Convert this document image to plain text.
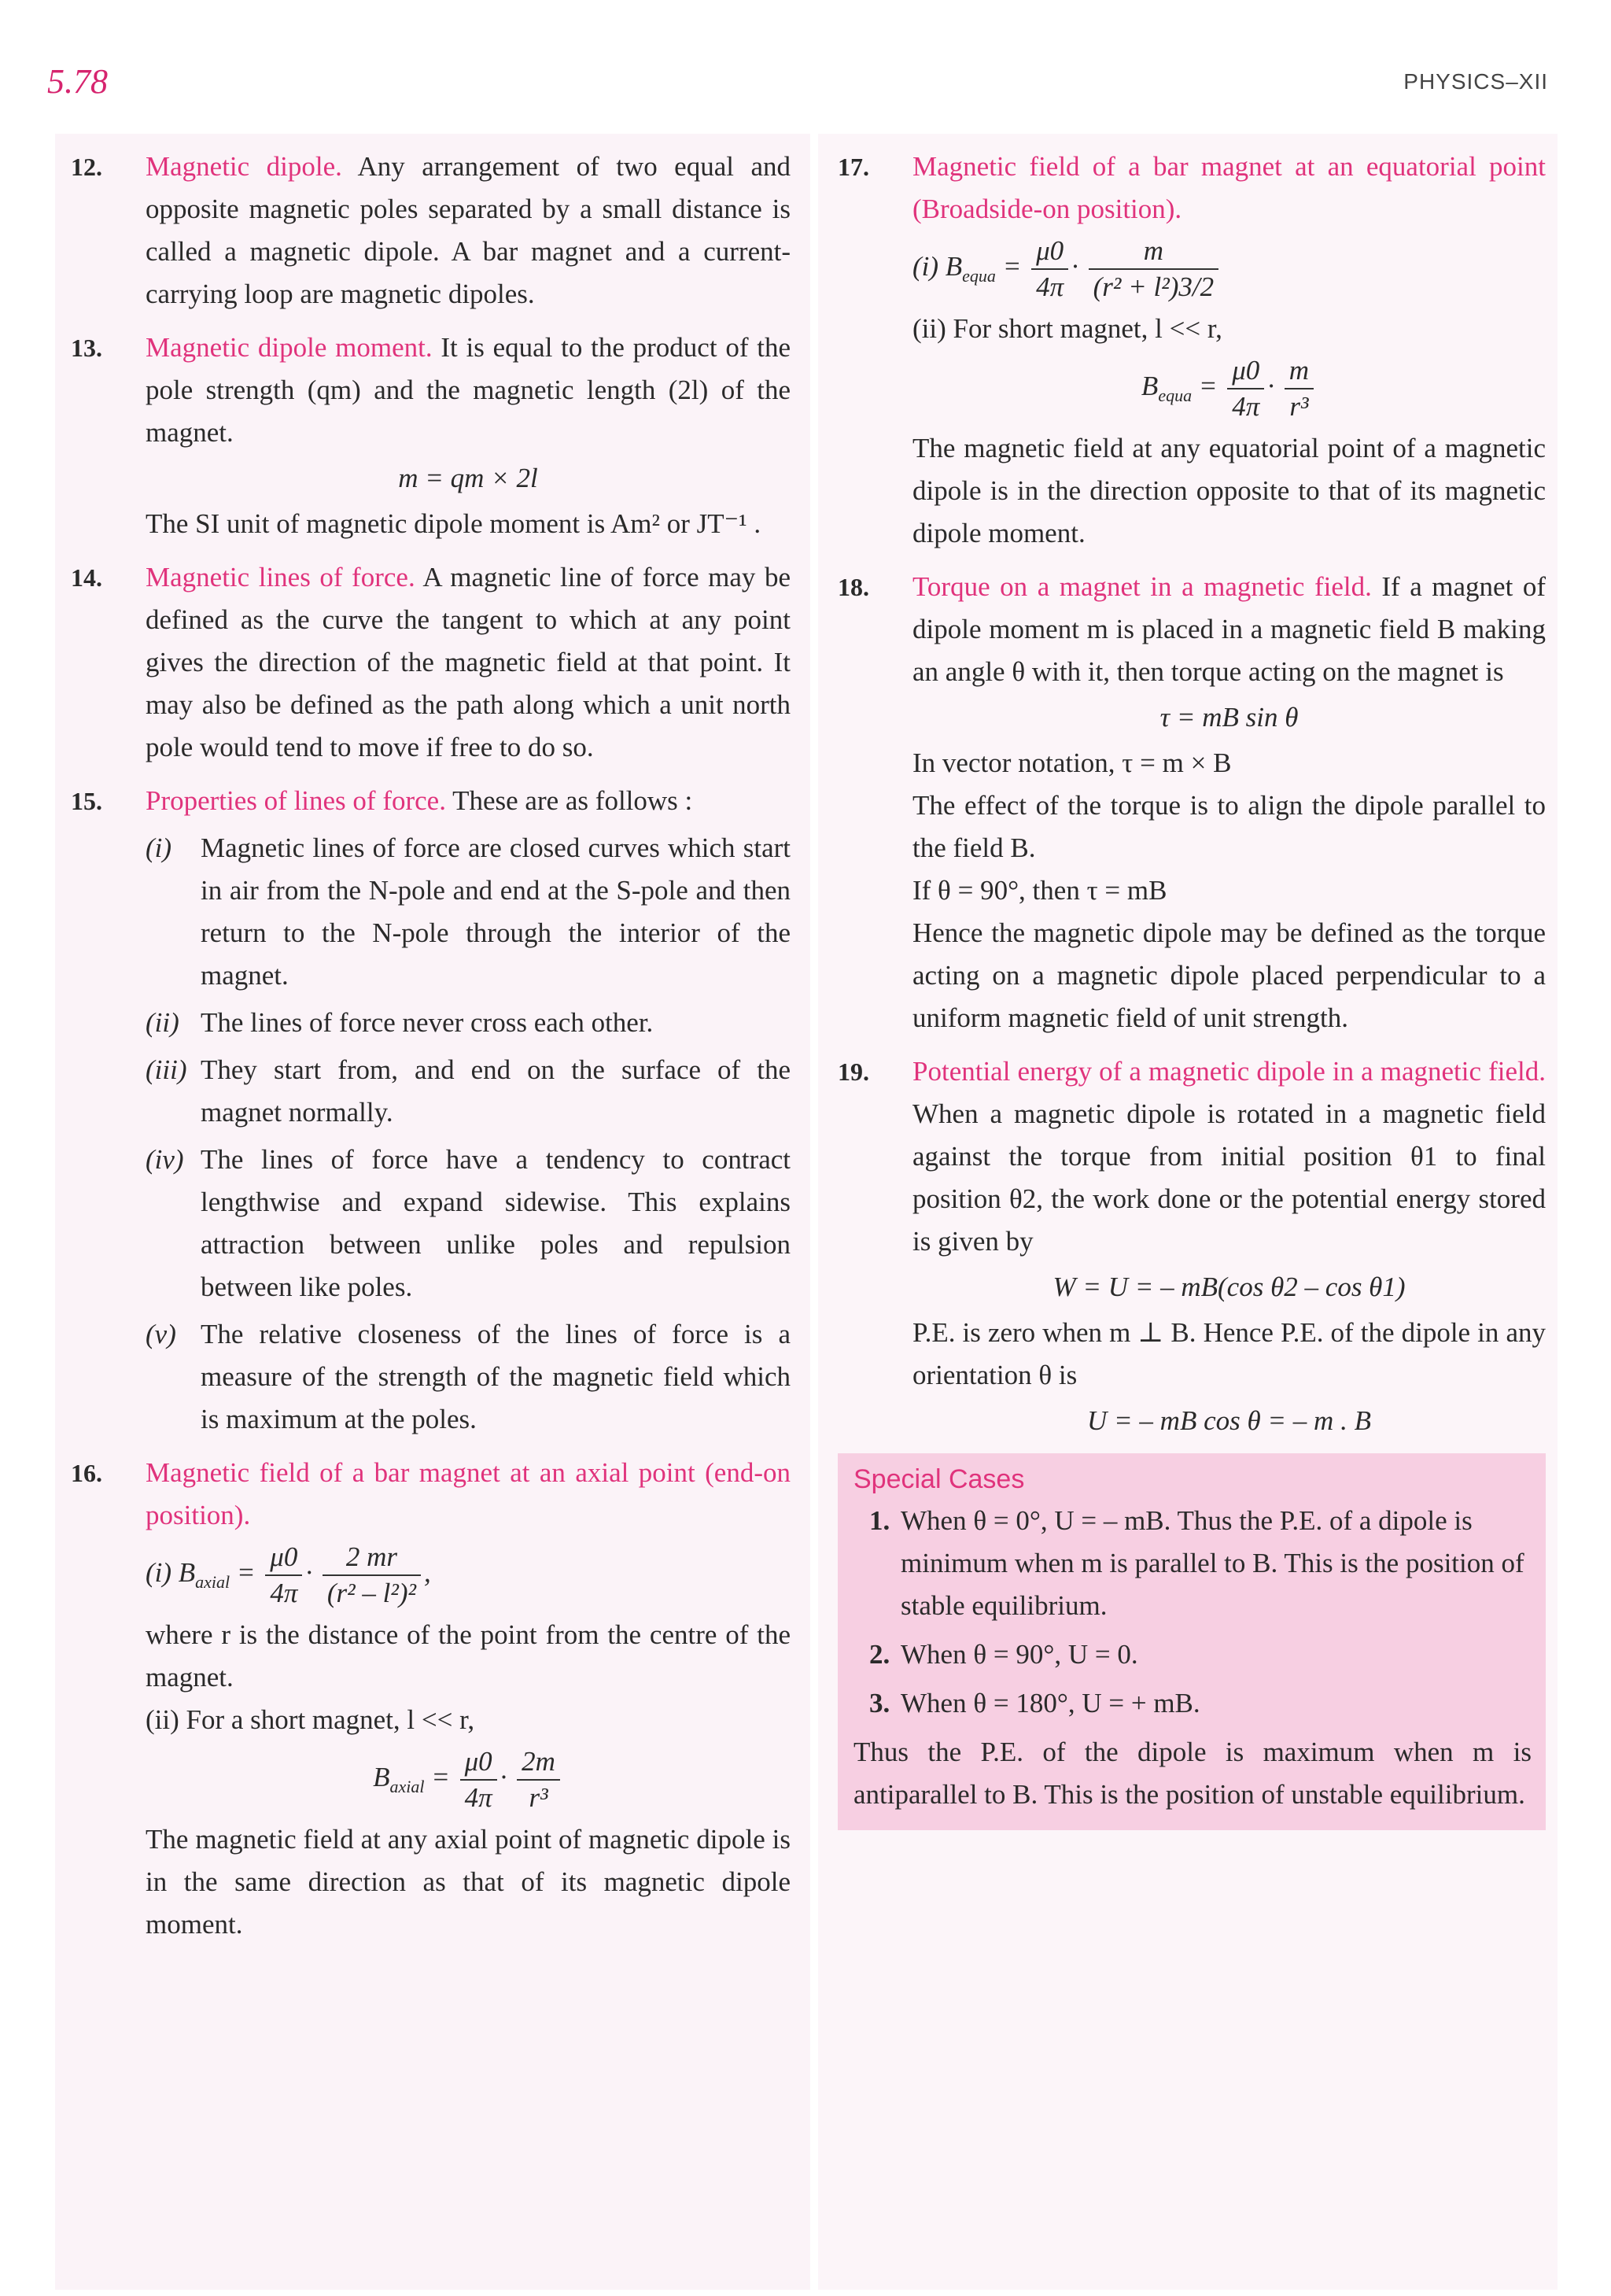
5.78	PHYSICS–XII
12. Magnetic dipole. Any arrangement of two equal and opposite magnetic poles separated by a small distance is called a magnetic dipole. A bar magnet and a current-carrying loop are magnetic dipoles.
13. Magnetic dipole moment. It is equal to the product of the pole strength (qm) and the magnetic length (2l) of the magnet.
m = qm × 2l

The SI unit of magnetic dipole moment is Am² or JT⁻¹ .

14. Magnetic lines of force. A magnetic line of force may be defined as the curve the tangent to which at any point gives the direction of the magnetic field at that point. It may also be defined as the path along which a unit north pole would tend to move if free to do so.
15. Properties of lines of force. These are as follows :
(i) Magnetic lines of force are closed curves which start in air from the N-pole and end at the S-pole and then return to the N-pole through the interior of the magnet.
(ii) The lines of force never cross each other.
(iii) They start from, and end on the surface of the magnet normally.
(iv) The lines of force have a tendency to contract lengthwise and expand sidewise. This explains attraction between unlike poles and repulsion between like poles.
(v) The relative closeness of the lines of force is a measure of the strength of the magnetic field which is maximum at the poles.
16. Magnetic field of a bar magnet at an axial point (end-on position).
(i) $B_{axial} = \frac{\mu 0}{4\pi} \cdot \frac{2 mr}{\text{(r² – l²)²}}$ ,

where r is the distance of the point from the centre of the magnet.

(ii) For a short magnet, l << r,

$B_{axial} = \frac{\mu 0}{4\pi} \cdot \frac{2m}{\text{r³}}$

The magnetic field at any axial point of magnetic dipole is in the same direction as that of its magnetic dipole moment.

17. Magnetic field of a bar magnet at an equatorial point (Broadside-on position).
(i) $B_{equa} = \frac{\mu 0}{4\pi} \cdot \frac{m}{\text{(r² + l²)3/2}}$

(ii) For short magnet, l << r,

$B_{equa} = \frac{\mu 0}{4\pi} \cdot \frac{m}{\text{r³}}$

The magnetic field at any equatorial point of a magnetic dipole is in the direction opposite to that of its magnetic dipole moment.

18. Torque on a magnet in a magnetic field. If a magnet of dipole moment m is placed in a magnetic field B making an angle θ with it, then torque acting on the magnet is
τ = mB sin θ

In vector notation, τ = m × B

The effect of the torque is to align the dipole parallel to the field B.

If θ = 90°, then τ = mB

Hence the magnetic dipole may be defined as the torque acting on a magnetic dipole placed perpendicular to a uniform magnetic field of unit strength.

19. Potential energy of a magnetic dipole in a magnetic field. When a magnetic dipole is rotated in a magnetic field against the torque from initial position θ1 to final position θ2, the work done or the potential energy stored is given by
W = U = – mB(cos θ2 – cos θ1)

P.E. is zero when m ⊥ B. Hence P.E. of the dipole in any orientation θ is

U = – mB cos θ = – m . B
Special Cases
1. When θ = 0°, U = – mB. Thus the P.E. of a dipole is minimum when m is parallel to B. This is the position of stable equilibrium.
2. When θ = 90°, U = 0.
3. When θ = 180°, U = + mB.

Thus the P.E. of the dipole is maximum when m is antiparallel to B. This is the position of unstable equilibrium.
